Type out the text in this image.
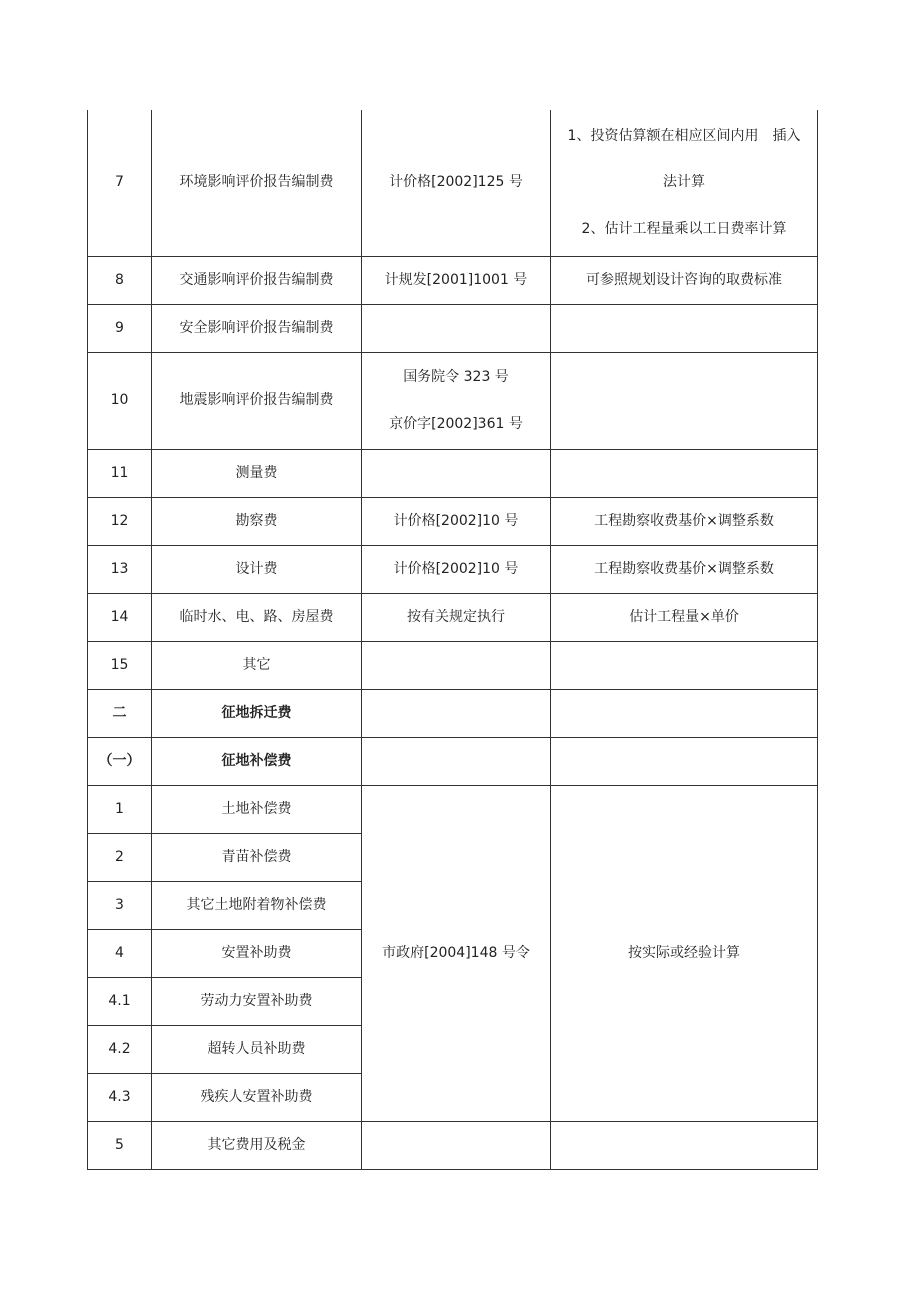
7	环境影响评价报告编制费	计价格[2002]125 号	1、投资估算额在相应区间内用　插入
法计算
2、估计工程量乘以工日费率计算

8	交通影响评价报告编制费	计规发[2001]1001 号	可参照规划设计咨询的取费标准

9	安全影响评价报告编制费		
10	地震影响评价报告编制费	国务院令 323 号
京价字[2002]361 号	

11	测量费		
12	勘察费	计价格[2002]10 号	工程勘察收费基价×调整系数

13	设计费	计价格[2002]10 号	工程勘察收费基价×调整系数

14	临时水、电、路、房屋费	按有关规定执行	估计工程量×单价

15	其它		
二	征地拆迁费		
（一）	征地补偿费		
1	土地补偿费	市政府[2004]148 号令	按实际或经验计算
2	青苗补偿费		
3	其它土地附着物补偿费		
4	安置补助费		
4.1	劳动力安置补助费		
4.2	超转人员补助费		
4.3	残疾人安置补助费		
5	其它费用及税金		
